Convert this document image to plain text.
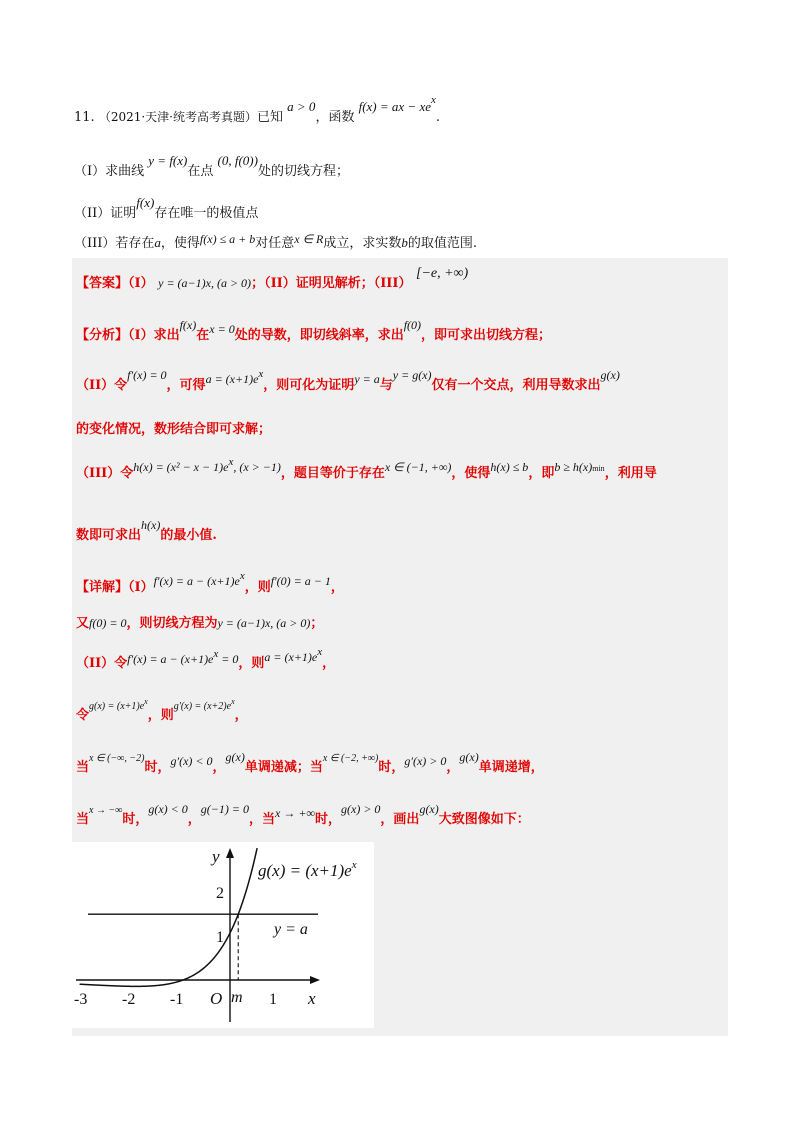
11. （2021·天津·统考高考真题）已知 a > 0，函数 f(x) = ax − $xe^x$.
（I）求曲线 y = f(x)在点 (0, f(0))处的切线方程；
（II）证明f(x)存在唯一的极值点
（III）若存在a，使得f(x) ≤ a + b对任意x ∈ R成立，求实数b的取值范围.
【答案】（I） y = (a−1)x, (a > 0)；（II）证明见解析；（III） [−e, +∞)
【分析】（I）求出f(x)在x = 0处的导数，即切线斜率，求出f(0)，即可求出切线方程；
（II）令f′(x) = 0，可得a = (x+1)ex，则可化为证明y = a与y = g(x)仅有一个交点，利用导数求出g(x)
的变化情况，数形结合即可求解；
（III）令h(x) = (x² − x − 1)ex, (x > −1)，题目等价于存在x ∈ (−1, +∞)，使得h(x) ≤ b，即b ≥ h(x)min，利用导
数即可求出h(x)的最小值.
【详解】（I）f′(x) = a − (x+1)ex，则f′(0) = a − 1，
又f(0) = 0，则切线方程为y = (a−1)x, (a > 0)；
（II）令f′(x) = a − (x+1)ex = 0，则a = (x+1)ex，
令$^{g(x) = (x+1)e^x}$，则$^{g'(x) = (x+2)e^x}$，
当$^{x \in (-\infty, -2)}$时，g′(x) < 0，g(x)单调递减；当$^{x \in (-2, +\infty)}$时，g′(x) > 0，g(x)单调递增，
当$^{x \to -\infty}$时，g(x) < 0，g(−1) = 0，当x → +∞时，g(x) > 0，画出g(x)大致图像如下：
y
x
O m
2
1
-3 -2 -1	1
y = a
$g(x) = (x+1)e^x$
